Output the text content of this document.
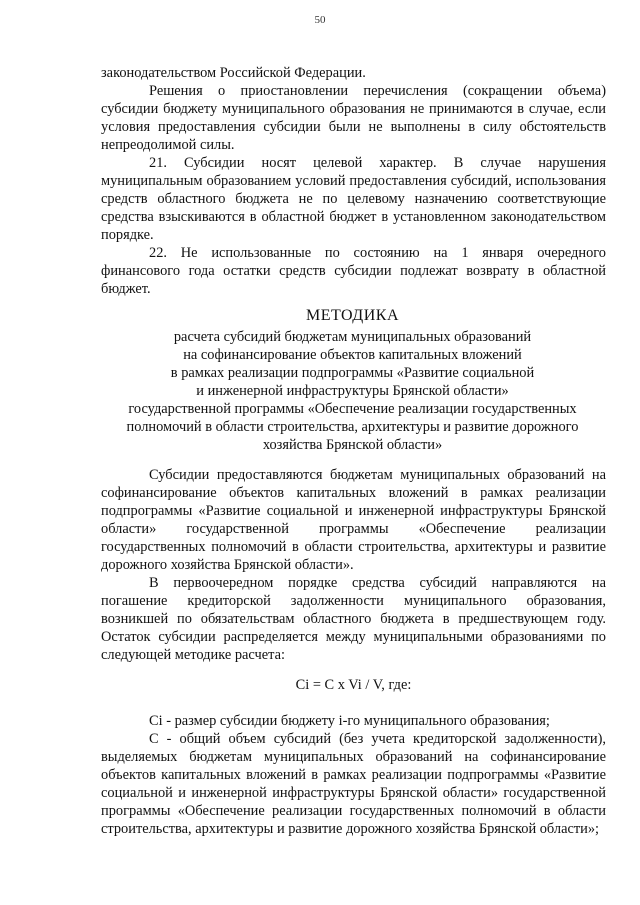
50

законодательством Российской Федерации.

Решения о приостановлении перечисления (сокращении объема) субсидии бюджету муниципального образования не принимаются в случае, если условия предоставления субсидии были не выполнены в силу обстоятельств непреодолимой силы.

21. Субсидии носят целевой характер. В случае нарушения муниципальным образованием условий предоставления субсидий, использования средств областного бюджета не по целевому назначению соответствующие средства взыскиваются в областной бюджет в установленном законодательством порядке.

22. Не использованные по состоянию на 1 января очередного финансового года остатки средств субсидии подлежат возврату в областной бюджет.

МЕТОДИКА
расчета субсидий бюджетам муниципальных образований
на софинансирование объектов капитальных вложений
в рамках реализации подпрограммы «Развитие социальной
и инженерной инфраструктуры Брянской области»
государственной программы «Обеспечение реализации государственных
полномочий в области строительства, архитектуры и развитие дорожного
хозяйства Брянской области»

Субсидии предоставляются бюджетам муниципальных образований на софинансирование объектов капитальных вложений в рамках реализации подпрограммы «Развитие социальной и инженерной инфраструктуры Брянской области» государственной программы «Обеспечение реализации государственных полномочий в области строительства, архитектуры и развитие дорожного хозяйства Брянской области».

В первоочередном порядке средства субсидий направляются на погашение кредиторской задолженности муниципального образования, возникшей по обязательствам областного бюджета в предшествующем году. Остаток субсидии распределяется между муниципальными образованиями по следующей методике расчета:

Сi = С x Vi / V, где:

Сi - размер субсидии бюджету i-го муниципального образования;

С - общий объем субсидий (без учета кредиторской задолженности), выделяемых бюджетам муниципальных образований на софинансирование объектов капитальных вложений в рамках реализации подпрограммы «Развитие социальной и инженерной инфраструктуры Брянской области» государственной программы «Обеспечение реализации государственных полномочий в области строительства, архитектуры и развитие дорожного хозяйства Брянской области»;
